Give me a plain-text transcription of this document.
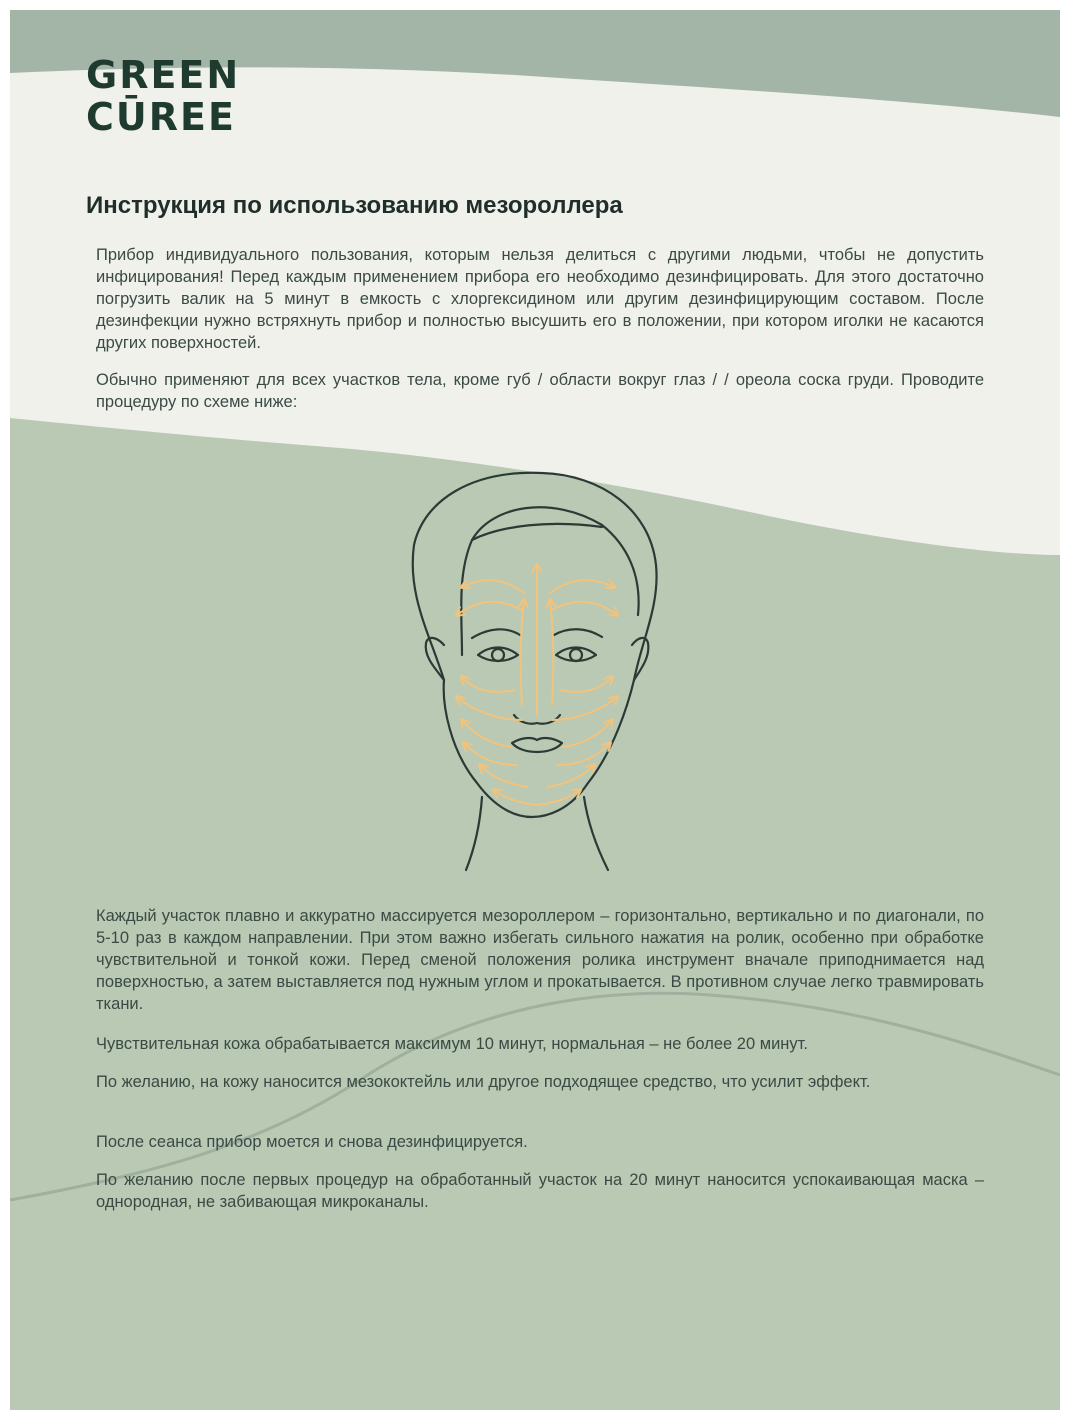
GREEN
CŪREE
Инструкция по использованию мезороллера

Прибор индивидуального пользования, которым нельзя делиться с другими людьми, чтобы не допустить инфицирования! Перед каждым применением прибора его необходимо дезинфицировать. Для этого достаточно погрузить валик на 5 минут в емкость с хлоргексидином или другим дезинфицирующим составом. После дезинфекции нужно встряхнуть прибор и полностью высушить его в положении, при котором иголки не касаются других поверхностей.

Обычно применяют для всех участков тела, кроме губ / области вокруг глаз / / ореола соска груди. Проводите процедуру по схеме ниже:

Каждый участок плавно и аккуратно массируется мезороллером – горизонтально, вертикально и по диагонали, по 5-10 раз в каждом направлении. При этом важно избегать сильного нажатия на ролик, особенно при обработке чувствительной и тонкой кожи. Перед сменой положения ролика инструмент вначале приподнимается над поверхностью, а затем выставляется под нужным углом и прокатывается. В противном случае легко травмировать ткани.

Чувствительная кожа обрабатывается максимум 10 минут, нормальная – не более 20 минут.

По желанию, на кожу наносится мезококтейль или другое подходящее средство, что усилит эффект.

После сеанса прибор моется и снова дезинфицируется.

По желанию после первых процедур на обработанный участок на 20 минут наносится успокаивающая маска – однородная, не забивающая микроканалы.
